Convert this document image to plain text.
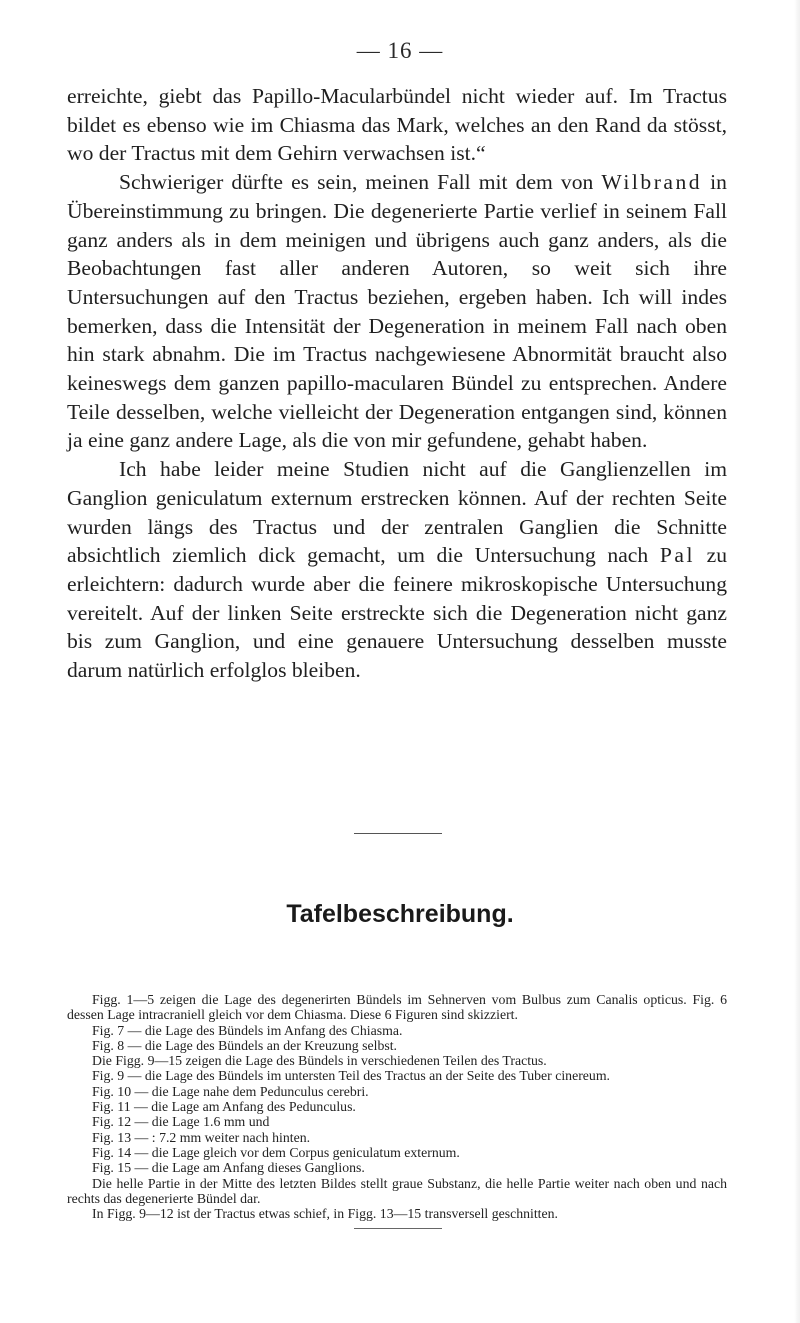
— 16 —

erreichte, giebt das Papillo-Macularbündel nicht wieder auf. Im Tractus bildet es ebenso wie im Chiasma das Mark, welches an den Rand da stösst, wo der Tractus mit dem Gehirn verwachsen ist.“

Schwieriger dürfte es sein, meinen Fall mit dem von Wilbrand in Übereinstimmung zu bringen. Die degenerierte Partie verlief in seinem Fall ganz anders als in dem meinigen und übrigens auch ganz anders, als die Beobachtungen fast aller anderen Autoren, so weit sich ihre Untersuchungen auf den Tractus beziehen, ergeben haben. Ich will indes bemerken, dass die Intensität der Degeneration in meinem Fall nach oben hin stark abnahm. Die im Tractus nachgewiesene Abnormität braucht also keineswegs dem ganzen papillo-macularen Bündel zu entsprechen. Andere Teile desselben, welche vielleicht der Degeneration entgangen sind, können ja eine ganz andere Lage, als die von mir gefundene, gehabt haben.

Ich habe leider meine Studien nicht auf die Ganglienzellen im Ganglion geniculatum externum erstrecken können. Auf der rechten Seite wurden längs des Tractus und der zentralen Ganglien die Schnitte absichtlich ziemlich dick gemacht, um die Untersuchung nach Pal zu erleichtern: dadurch wurde aber die feinere mikroskopische Untersuchung vereitelt. Auf der linken Seite erstreckte sich die Degeneration nicht ganz bis zum Ganglion, und eine genauere Untersuchung desselben musste darum natürlich erfolglos bleiben.

Tafelbeschreibung.

Figg. 1—5 zeigen die Lage des degenerirten Bündels im Sehnerven vom Bulbus zum Canalis opticus. Fig. 6 dessen Lage intracraniell gleich vor dem Chiasma. Diese 6 Figuren sind skizziert.

Fig. 7 — die Lage des Bündels im Anfang des Chiasma.

Fig. 8 — die Lage des Bündels an der Kreuzung selbst.

Die Figg. 9—15 zeigen die Lage des Bündels in verschiedenen Teilen des Tractus.

Fig. 9 — die Lage des Bündels im untersten Teil des Tractus an der Seite des Tuber cinereum.

Fig. 10 — die Lage nahe dem Pedunculus cerebri.

Fig. 11 — die Lage am Anfang des Pedunculus.

Fig. 12 — die Lage 1.6 mm und

Fig. 13 — : 7.2 mm weiter nach hinten.

Fig. 14 — die Lage gleich vor dem Corpus geniculatum externum.

Fig. 15 — die Lage am Anfang dieses Ganglions.

Die helle Partie in der Mitte des letzten Bildes stellt graue Substanz, die helle Partie weiter nach oben und nach rechts das degenerierte Bündel dar.

In Figg. 9—12 ist der Tractus etwas schief, in Figg. 13—15 transversell geschnitten.
